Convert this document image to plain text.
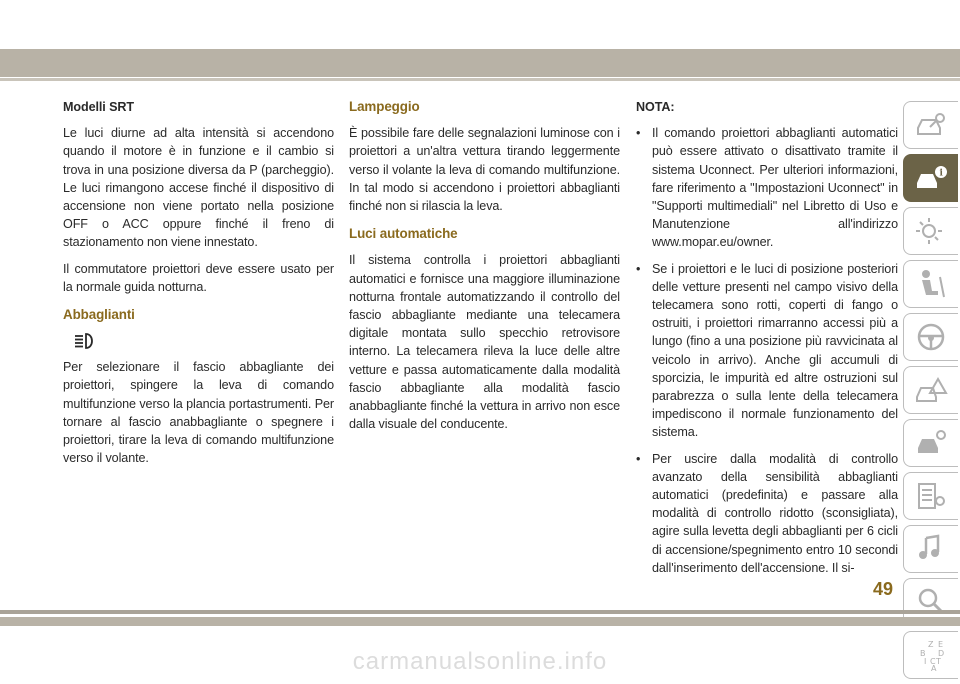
Modelli SRT

Le luci diurne ad alta intensità si accendono quando il motore è in funzione e il cambio si trova in una posizione diversa da P (parcheggio). Le luci rimangono accese finché il dispositivo di accensione non viene portato nella posizione OFF o ACC oppure finché il freno di stazionamento non viene innestato.

Il commutatore proiettori deve essere usato per la normale guida notturna.

Abbaglianti

Per selezionare il fascio abbagliante dei proiettori, spingere la leva di comando multifunzione verso la plancia portastrumenti. Per tornare al fascio anabbagliante o spegnere i proiettori, tirare la leva di comando multifunzione verso il volante.

Lampeggio

È possibile fare delle segnalazioni luminose con i proiettori a un'altra vettura tirando leggermente verso il volante la leva di comando multifunzione. In tal modo si accendono i proiettori abbaglianti finché non si rilascia la leva.

Luci automatiche

Il sistema controlla i proiettori abbaglianti automatici e fornisce una maggiore illuminazione notturna frontale automatizzando il controllo del fascio abbagliante mediante una telecamera digitale montata sullo specchio retrovisore interno. La telecamera rileva la luce delle altre vetture e passa automaticamente dalla modalità fascio abbagliante alla modalità fascio anabbagliante finché la vettura in arrivo non esce dalla visuale del conducente.

NOTA:
• Il comando proiettori abbaglianti automatici può essere attivato o disattivato tramite il sistema Uconnect. Per ulteriori informazioni, fare riferimento a "Impostazioni Uconnect" in "Supporti multimediali" nel Libretto di Uso e Manutenzione all'indirizzo www.mopar.eu/owner.
• Se i proiettori e le luci di posizione posteriori delle vetture presenti nel campo visivo della telecamera sono rotti, coperti di fango o ostruiti, i proiettori rimarranno accessi più a lungo (fino a una posizione più ravvicinata al veicolo in arrivo). Anche gli accumuli di sporcizia, le impurità ed altre ostruzioni sul parabrezza o sulla lente della telecamera impediscono il normale funzionamento del sistema.
• Per uscire dalla modalità di controllo avanzato della sensibilità abbaglianti automatici (predefinita) e passare alla modalità di controllo ridotto (sconsigliata), agire sulla levetta degli abbaglianti per 6 cicli di accensione/spegnimento entro 10 secondi dall'inserimento dell'accensione. Il si-
i
Z E
B D
I C T
A
49
carmanualsonline.info
